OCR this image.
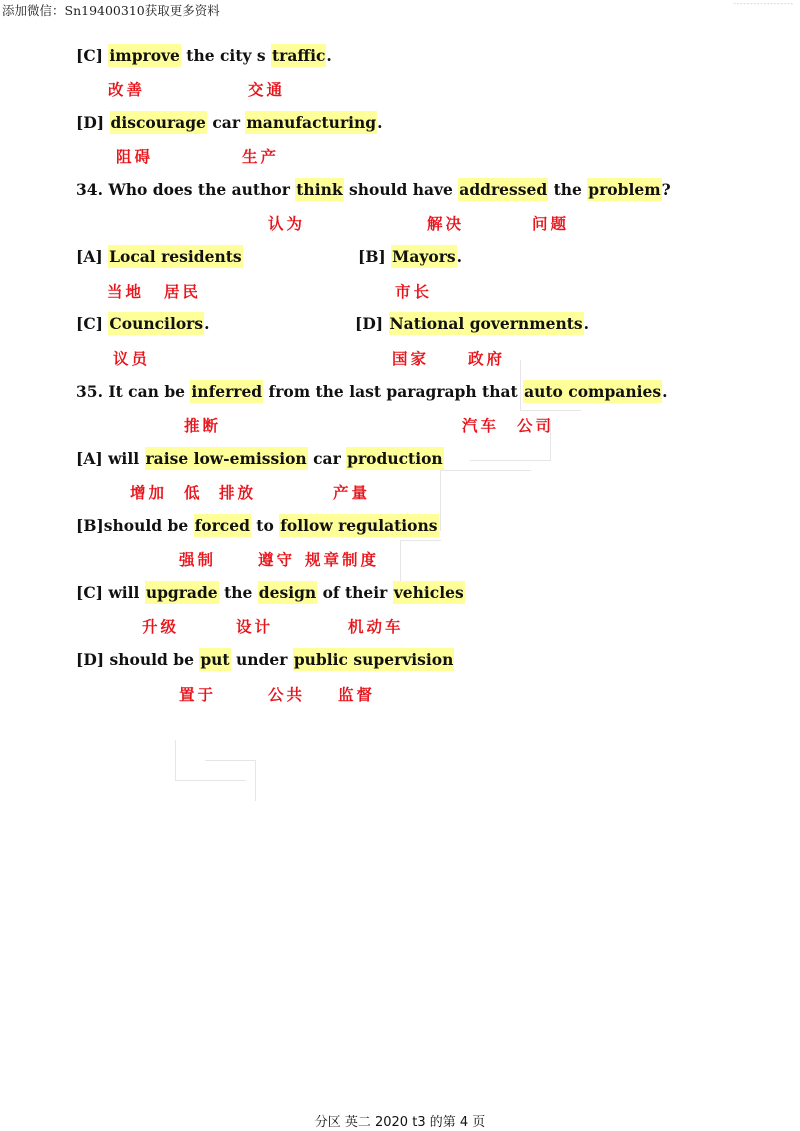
添加微信：Sn19400310获取更多资料	------------------
[C] improve the city s traffic.
[D] discourage car manufacturing.
34. Who does the author think should have addressed the problem?
[A] Local residents	[B] Mayors.
[C] Councilors.	[D] National governments.
35. It can be inferred from the last paragraph that auto companies.
[A] will raise low-emission car production
[B]should be forced to follow regulations
[C] will upgrade the design of their vehicles
[D] should be put under public supervision
改善	交通
阻碍	生产
认为	解决	问题
当地 居民	市长
议员	国家	政府
推断	汽车 公司
增加 低 排放	产量
强制	遵守 规章制度
升级	设计	机动车
置于	公共 监督
分区 英二 2020 t3 的第 4 页
